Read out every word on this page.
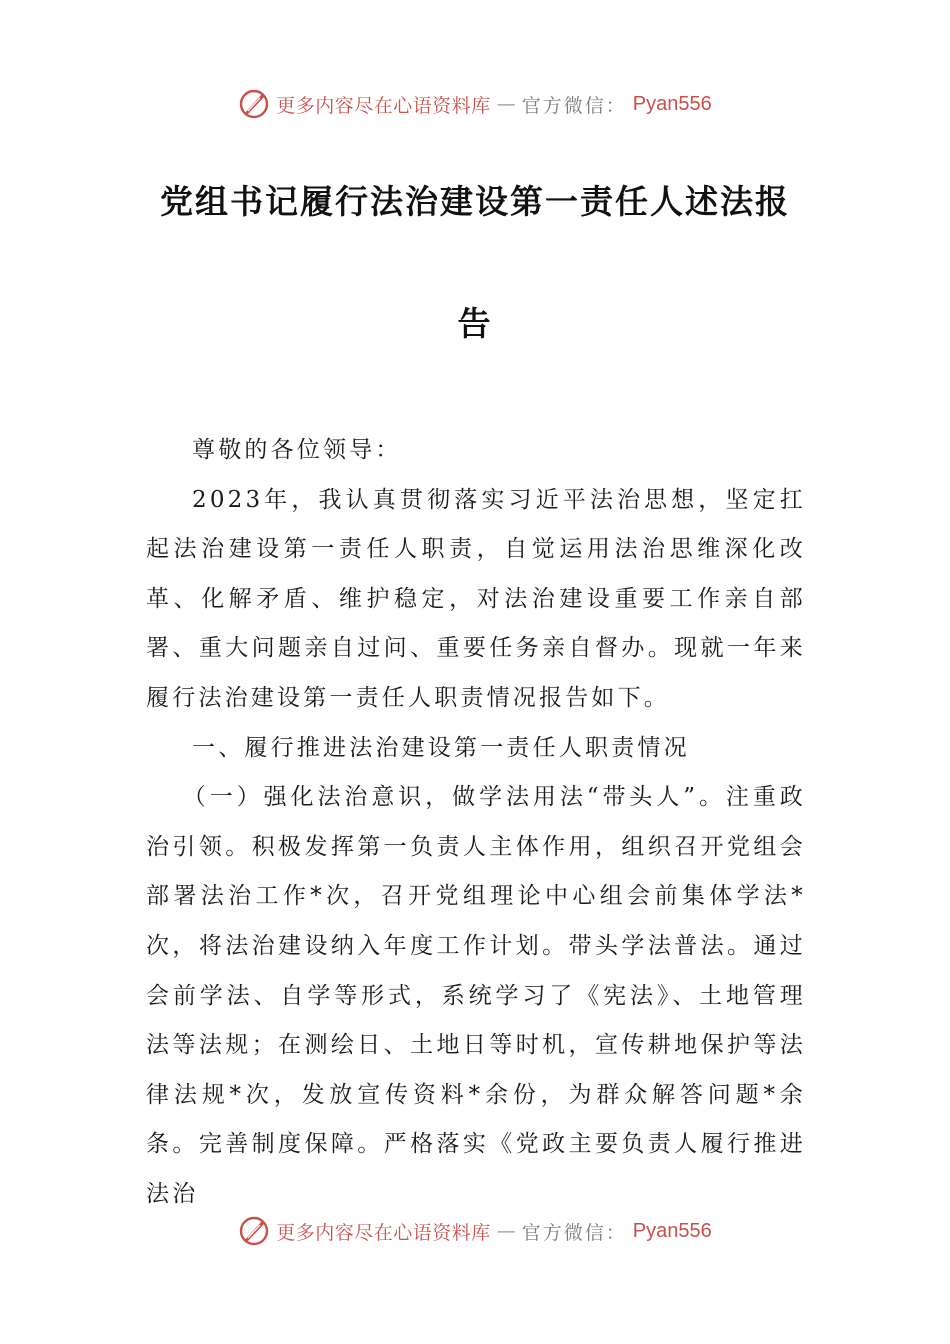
更多内容尽在心语资料库 — 官方微信： Pyan556
党组书记履行法治建设第一责任人述法报
告

尊敬的各位领导：

2023年，我认真贯彻落实习近平法治思想，坚定扛起法治建设第一责任人职责，自觉运用法治思维深化改革、化解矛盾、维护稳定，对法治建设重要工作亲自部署、重大问题亲自过问、重要任务亲自督办。现就一年来履行法治建设第一责任人职责情况报告如下。

一、履行推进法治建设第一责任人职责情况

（一）强化法治意识，做学法用法“带头人”。注重政治引领。积极发挥第一负责人主体作用，组织召开党组会部署法治工作*次，召开党组理论中心组会前集体学法*次，将法治建设纳入年度工作计划。带头学法普法。通过会前学法、自学等形式，系统学习了《宪法》、土地管理法等法规；在测绘日、土地日等时机，宣传耕地保护等法律法规*次，发放宣传资料*余份，为群众解答问题*余条。完善制度保障。严格落实《党政主要负责人履行推进法治

更多内容尽在心语资料库 — 官方微信： Pyan556
